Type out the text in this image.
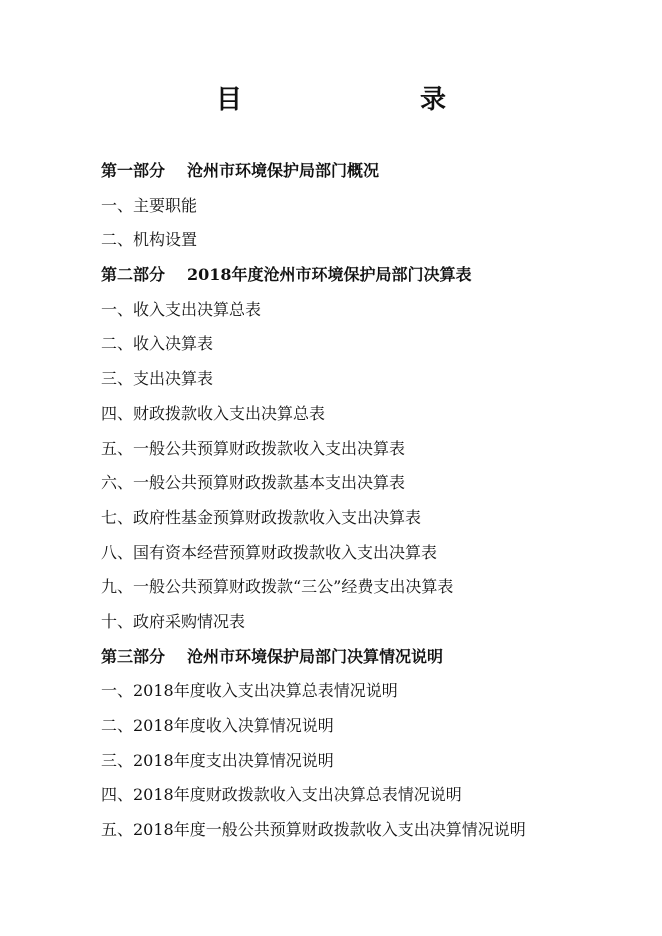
目　　录
第一部分 沧州市环境保护局部门概况
一、主要职能
二、机构设置
第二部分 2018年度沧州市环境保护局部门决算表
一、收入支出决算总表
二、收入决算表
三、支出决算表
四、财政拨款收入支出决算总表
五、一般公共预算财政拨款收入支出决算表
六、一般公共预算财政拨款基本支出决算表
七、政府性基金预算财政拨款收入支出决算表
八、国有资本经营预算财政拨款收入支出决算表
九、一般公共预算财政拨款“三公”经费支出决算表
十、政府采购情况表
第三部分 沧州市环境保护局部门决算情况说明
一、2018年度收入支出决算总表情况说明
二、2018年度收入决算情况说明
三、2018年度支出决算情况说明
四、2018年度财政拨款收入支出决算总表情况说明
五、2018年度一般公共预算财政拨款收入支出决算情况说明
